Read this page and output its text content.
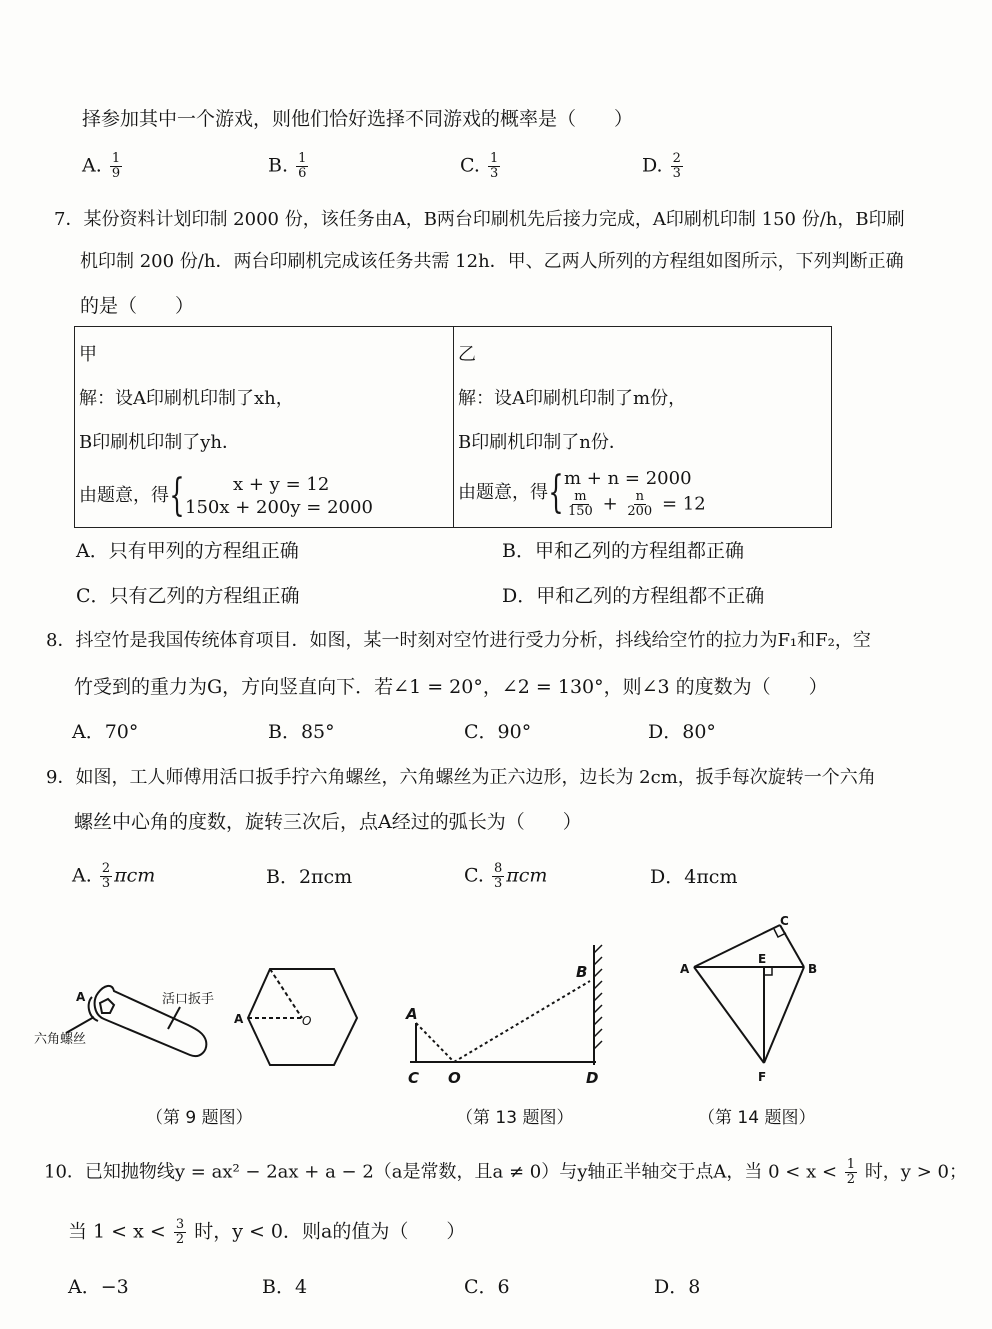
择参加其中一个游戏，则他们恰好选择不同游戏的概率是（　　）
A. $\frac{1}{9}$	B. $\frac{1}{6}$	C. $\frac{1}{3}$	D. $\frac{2}{3}$
7．某份资料计划印制 2000 份，该任务由A，B两台印刷机先后接力完成，A印刷机印制 150 份/h，B印刷
机印制 200 份/h．两台印刷机完成该任务共需 12h．甲、乙两人所列的方程组如图所示，下列判断正确
的是（　　）
甲
解：设A印刷机印制了xh，
B印刷机印制了yh．
由题意，得{	x + y = 12
150x + 200y = 2000
乙
解：设A印刷机印制了m份，
B印刷机印制了n份．
由题意，得{ m + n = 2000
$\frac{m}{150} + \frac{n}{200} = 12$
A．只有甲列的方程组正确	B．甲和乙列的方程组都正确
C．只有乙列的方程组正确	D．甲和乙列的方程组都不正确
8．抖空竹是我国传统体育项目．如图，某一时刻对空竹进行受力分析，抖线给空竹的拉力为F₁和F₂，空
竹受到的重力为G，方向竖直向下．若∠1 = 20°，∠2 = 130°，则∠3 的度数为（　　）
A．70°	B．85°	C．90°	D．80°
9．如图，工人师傅用活口扳手拧六角螺丝，六角螺丝为正六边形，边长为 2cm，扳手每次旋转一个六角
螺丝中心角的度数，旋转三次后，点A经过的弧长为（　　）
A. $\frac{2}{3}$ πcm	B．2πcm	C. $\frac{8}{3}$ πcm	D．4πcm
A	活口扳手
六角螺丝
A	O
（第 9 题图）
A
B
C O	D
（第 13 题图）
A	B
C
E
F
（第 14 题图）
10．已知抛物线y = ax² − 2ax + a − 2（a是常数，且a ≠ 0）与y轴正半轴交于点A，当 $0 < x < \frac{1}{2}$ 时，y > 0；
当 $1 < x < \frac{3}{2}$ 时，y < 0．则a的值为（　　）
A．−3	B．4	C．6	D．8
